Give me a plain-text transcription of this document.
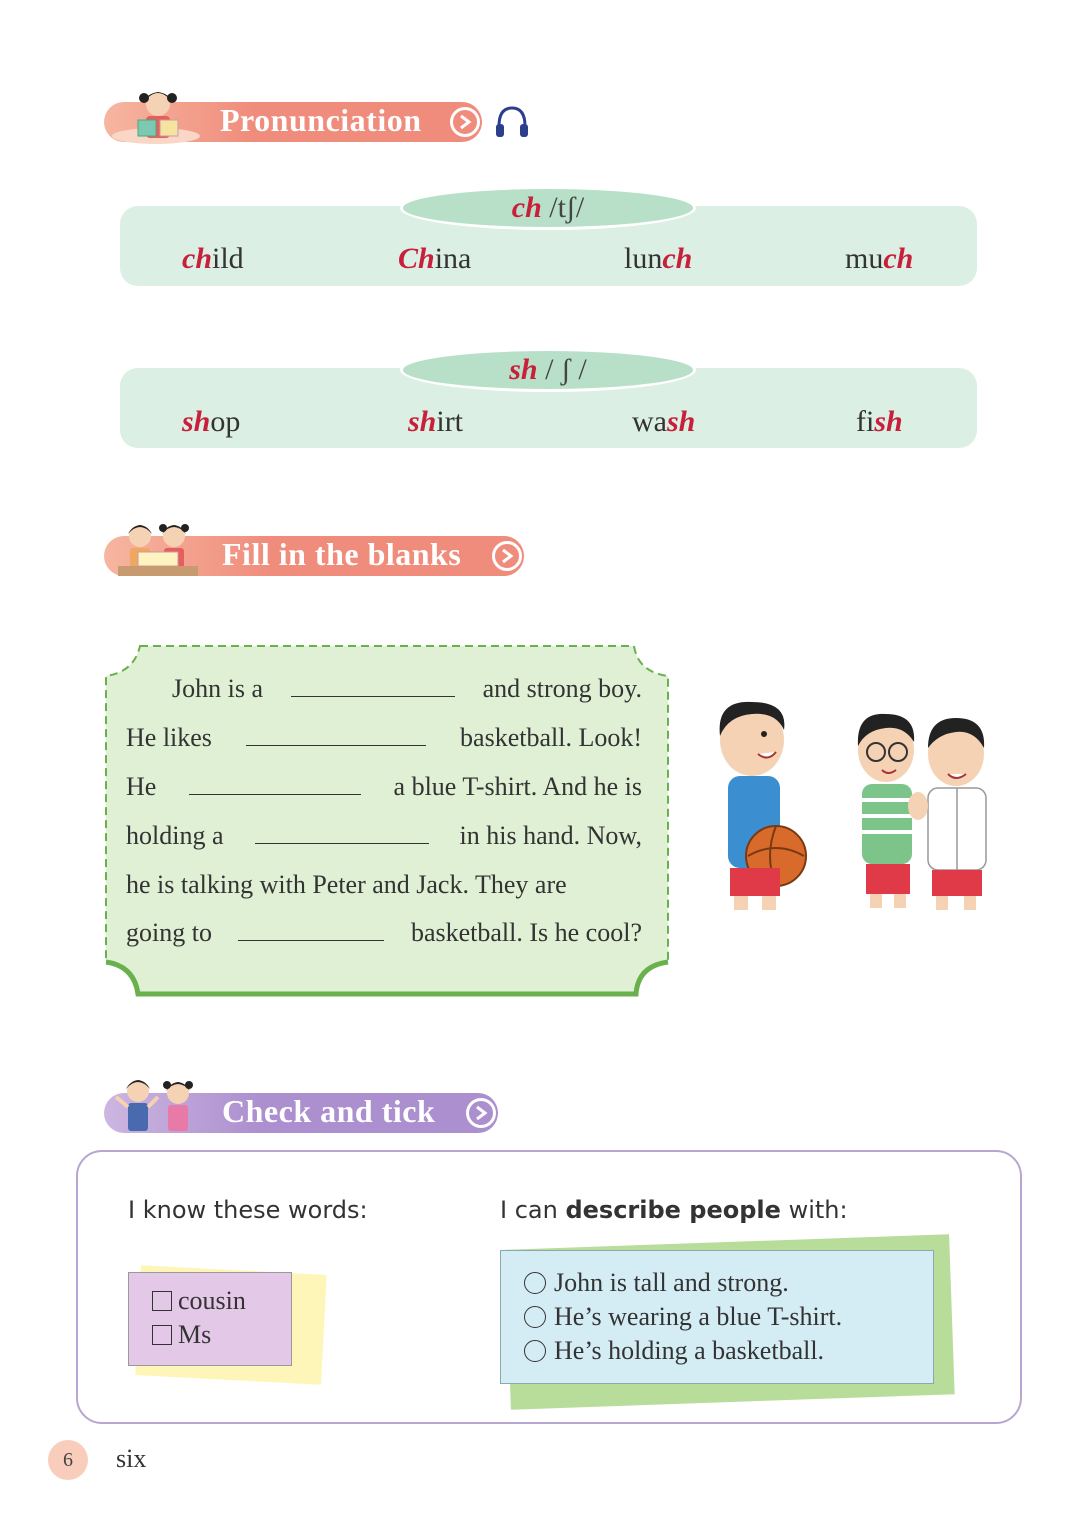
Pronunciation
ch
/tʃ/
child	China	lunch	much
sh
/ ʃ /
shop	shirt	wash	fish
Fill in the blanks
John is a	and strong boy.
He likes	basketball. Look!
He	a blue T-shirt. And he is
holding a	in his hand. Now,
he is talking with Peter and Jack. They are
going to	basketball. Is he cool?
Check and tick
I know these words:	I can describe people with:
cousin
Ms
John is tall and strong.
He’s wearing a blue T-shirt.
He’s holding a basketball.
6	six
